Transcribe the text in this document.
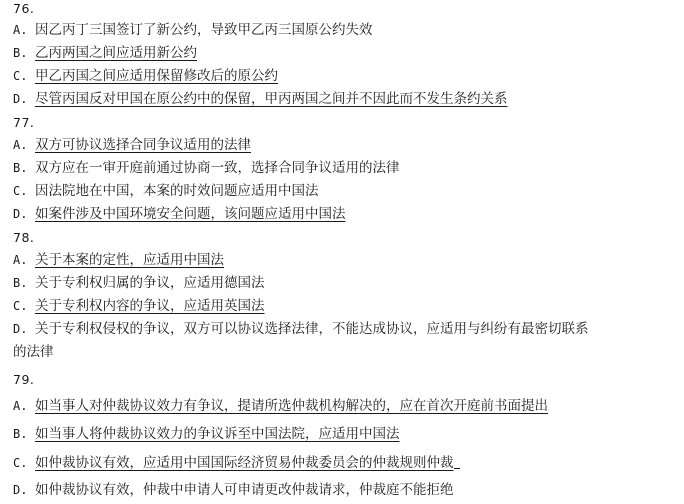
76.
A. 因乙丙丁三国签订了新公约，导致甲乙丙三国原公约失效
B. 乙丙两国之间应适用新公约
C. 甲乙丙国之间应适用保留修改后的原公约
D. 尽管丙国反对甲国在原公约中的保留，甲丙两国之间并不因此而不发生条约关系
77.
A. 双方可协议选择合同争议适用的法律
B. 双方应在一审开庭前通过协商一致，选择合同争议适用的法律
C. 因法院地在中国，本案的时效问题应适用中国法
D. 如案件涉及中国环境安全问题，该问题应适用中国法
78.
A. 关于本案的定性，应适用中国法
B. 关于专利权归属的争议，应适用德国法
C. 关于专利权内容的争议，应适用英国法
D. 关于专利权侵权的争议，双方可以协议选择法律，不能达成协议，应适用与纠纷有最密切联系
的法律
79.
A. 如当事人对仲裁协议效力有争议，提请所选仲裁机构解决的，应在首次开庭前书面提出
B. 如当事人将仲裁协议效力的争议诉至中国法院，应适用中国法
C. 如仲裁协议有效，应适用中国国际经济贸易仲裁委员会的仲裁规则仲裁
D. 如仲裁协议有效，仲裁中申请人可申请更改仲裁请求，仲裁庭不能拒绝
